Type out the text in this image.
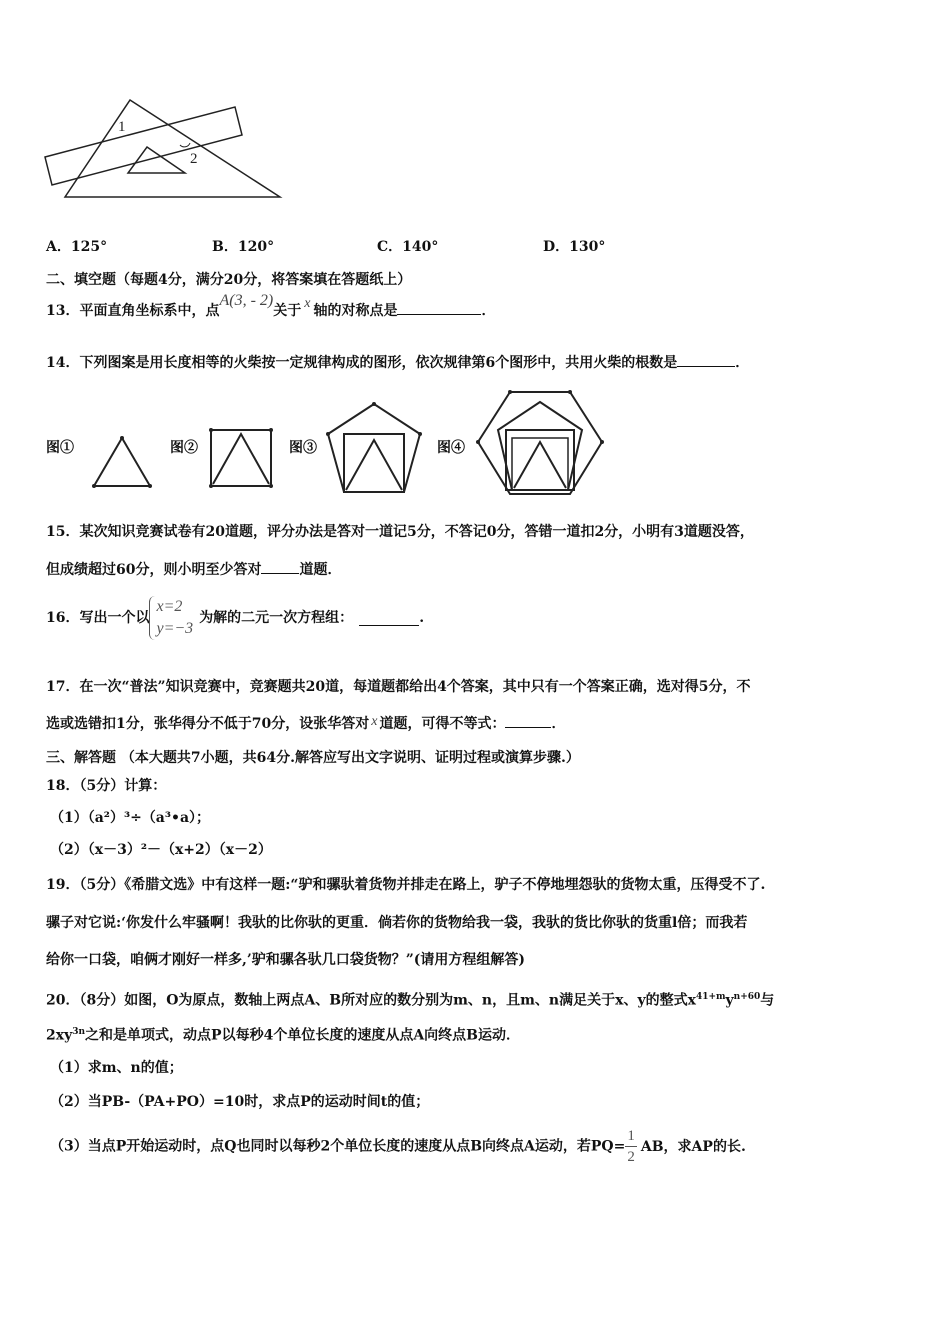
1
2
A．125°	B．120°	C．140°	D．130°
二、填空题（每题4分，满分20分，将答案填在答题纸上）
13．平面直角坐标系中，点A(3, - 2)关于 x 轴的对称点是	．
14．下列图案是用长度相等的火柴按一定规律构成的图形，依次规律第6个图形中，共用火柴的根数是	．
图①	图②	图③	图④
15．某次知识竞赛试卷有20道题，评分办法是答对一道记5分，不答记0分，答错一道扣2分，小明有3道题没答，
但成绩超过60分，则小明至少答对	道题．
16．写出一个以
x=2
y=−3
为解的二元一次方程组：	.
17．在一次“普法”知识竞赛中，竞赛题共20道，每道题都给出4个答案，其中只有一个答案正确，选对得5分，不
选或选错扣1分，张华得分不低于70分，设张华答对 x 道题，可得不等式：	．
三、解答题 （本大题共7小题，共64分.解答应写出文字说明、证明过程或演算步骤.）
18．（5分）计算：
（1）（a²）³÷（a³•a）；
（2）（x－3）²－（x+2）（x－2）
19．（5分）《希腊文选》中有这样一题:“驴和骡驮着货物并排走在路上，驴子不停地埋怨驮的货物太重，压得受不了.
骡子对它说:‘你发什么牢骚啊！我驮的比你驮的更重．倘若你的货物给我一袋，我驮的货比你驮的货重l倍；而我若
给你一口袋，咱俩才刚好一样多,’驴和骡各驮几口袋货物？”(请用方程组解答)
20．（8分）如图，O为原点，数轴上两点A、B所对应的数分别为m、n，且m、n满足关于x、y的整式$x^{41+m}y^{n+60}$与
$2xy^{3n}$之和是单项式，动点P以每秒4个单位长度的速度从点A向终点B运动．
（1）求m、n的值；
（2）当PB-（PA+PO）=10时，求点P的运动时间t的值；
（3）当点P开始运动时，点Q也同时以每秒2个单位长度的速度从点B向终点A运动，若$PQ= \frac{1}{2}$ AB，求AP的长.
